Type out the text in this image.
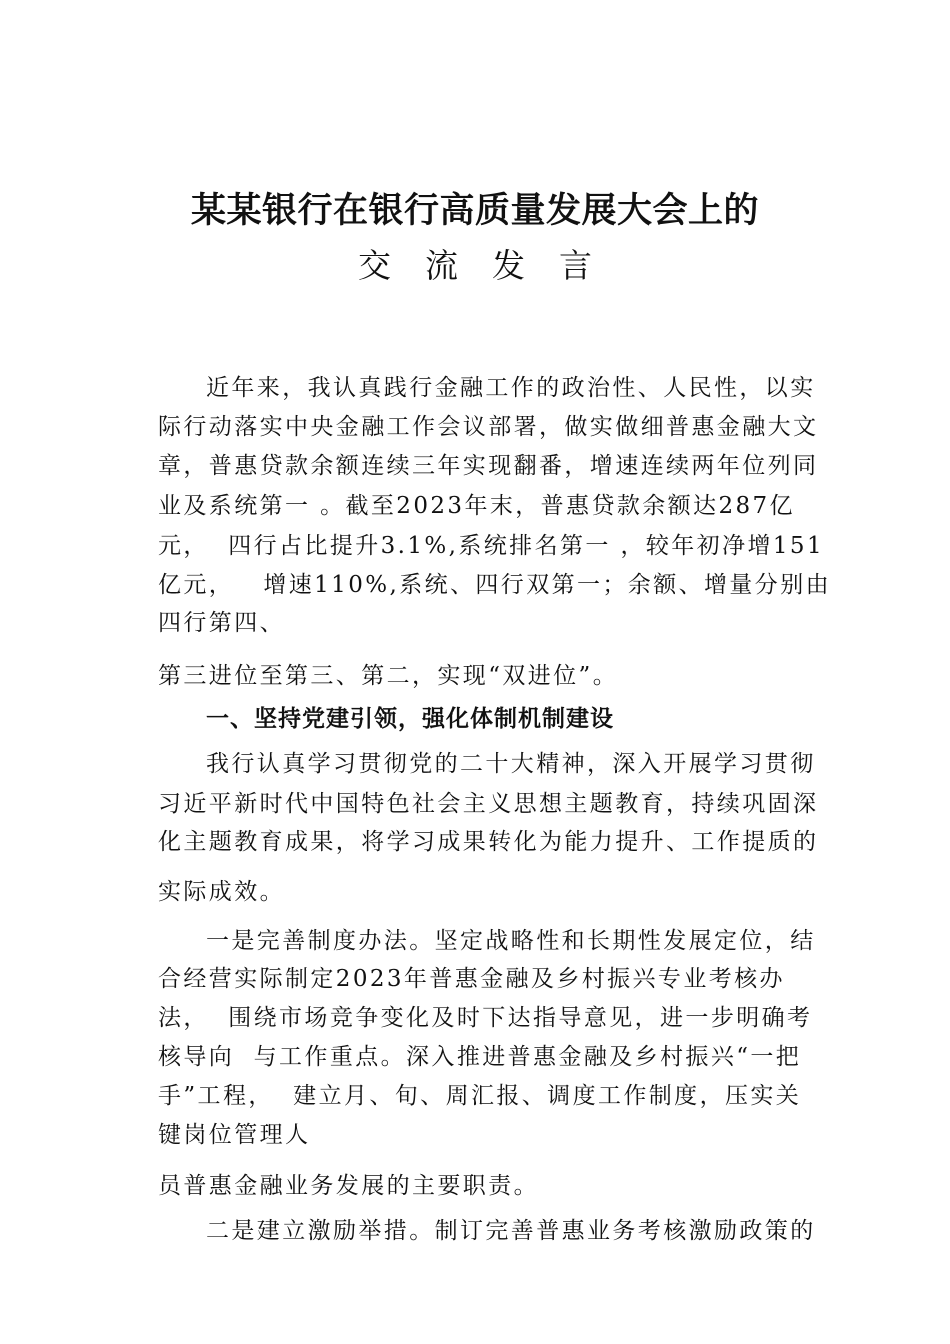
某某银行在银行高质量发展大会上的
交 流 发 言

近年来，我认真践行金融工作的政治性、人民性，以实

际行动落实中央金融工作会议部署，做实做细普惠金融大文

章，普惠贷款余额连续三年实现翻番，增速连续两年位列同

业及系统第一 。截至2023年末，普惠贷款余额达287亿

元，  四行占比提升3.1%,系统排名第一 ，较年初净增151

亿元，   增速110%,系统、四行双第一；余额、增量分别由

四行第四、

第三进位至第三、第二，实现“双进位”。

一、坚持党建引领，强化体制机制建设

我行认真学习贯彻党的二十大精神，深入开展学习贯彻

习近平新时代中国特色社会主义思想主题教育，持续巩固深

化主题教育成果，将学习成果转化为能力提升、工作提质的

实际成效。

一是完善制度办法。坚定战略性和长期性发展定位，结

合经营实际制定2023年普惠金融及乡村振兴专业考核办

法，  围绕市场竞争变化及时下达指导意见，进一步明确考

核导向  与工作重点。深入推进普惠金融及乡村振兴“一把

手”工程，  建立月、旬、周汇报、调度工作制度，压实关

键岗位管理人

员普惠金融业务发展的主要职责。

二是建立激励举措。制订完善普惠业务考核激励政策的
